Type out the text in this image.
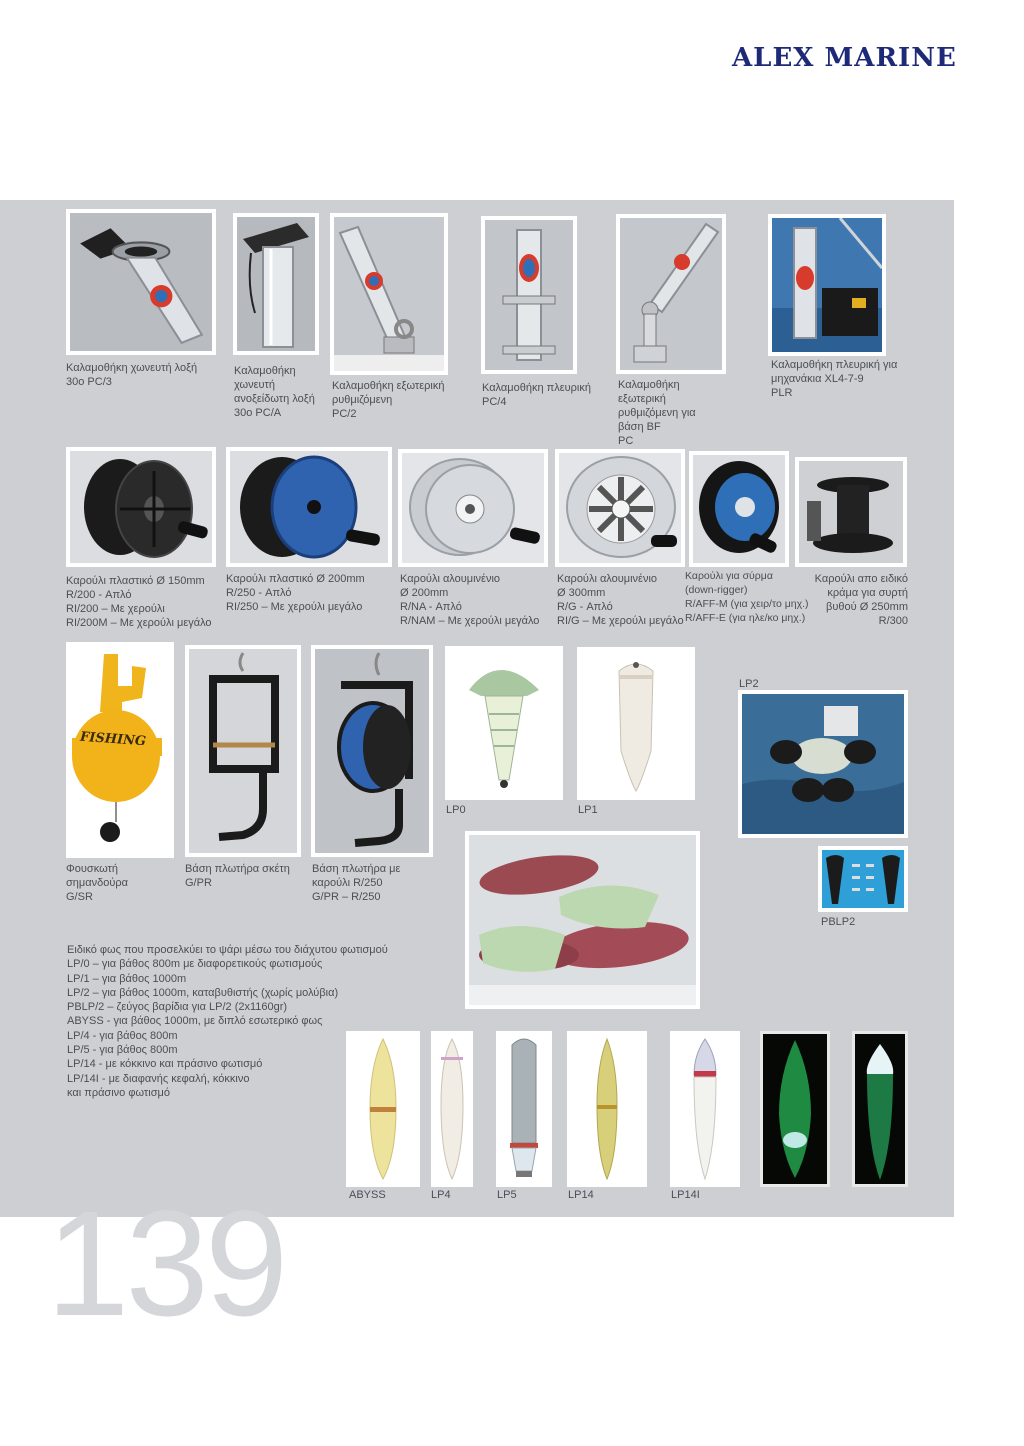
ALEX MARINE
139
Καλαμοθήκη χωνευτή λοξή
30ο PC/3
Καλαμοθήκη
χωνευτή
ανοξείδωτη λοξή
30ο PC/A
Καλαμοθήκη εξωτερική
ρυθμιζόμενη
PC/2
Καλαμοθήκη πλευρική
PC/4
Καλαμοθήκη
εξωτερική
ρυθμιζόμενη για
βάση BF
PC
Καλαμοθήκη πλευρική για
μηχανάκια XL4-7-9
PLR
Καρούλι πλαστικό Ø 150mm
R/200 - Απλό
RI/200 – Με χερούλι
RI/200M – Με χερούλι μεγάλο
Καρούλι πλαστικό Ø 200mm
R/250 - Απλό
RI/250 – Με χερούλι μεγάλο
Καρούλι αλουμινένιο
Ø 200mm
R/NA - Απλό
R/NAM – Με χερούλι μεγάλο
Καρούλι αλουμινένιο
Ø 300mm
R/G - Απλό
RI/G – Με χερούλι μεγάλο
Καρούλι για σύρμα
(down-rigger)
R/AFF-M (για χειρ/το μηχ.)
R/AFF-E (για ηλε/κο μηχ.)
Καρούλι απο ειδικό
κράμα για συρτή
βυθού Ø 250mm
R/300
FISHING
Φουσκωτή
σημανδούρα
G/SR
Βάση πλωτήρα σκέτη
G/PR
Βάση πλωτήρα με
καρούλι R/250
G/PR – R/250
LP0	LP1
LP2
PBLP2
Ειδικό φως που προσελκύει το ψάρι μέσω του διάχυτου φωτισμού
LP/0 – για βάθος 800m με διαφορετικούς φωτισμούς
LP/1 – για βάθος 1000m
LP/2 – για βάθος 1000m, καταβυθιστής (χωρίς μολύβια)
PBLP/2 – ζεύγος βαρίδια για LP/2 (2x1160gr)
ABYSS - για βάθος 1000m, με διπλό εσωτερικό φως
LP/4 - για βάθος 800m
LP/5 - για βάθος 800m
LP/14 - με κόκκινο και πράσινο φωτισμό
LP/14I - με διαφανής κεφαλή, κόκκινο
και πράσινο φωτισμό
ABYSS	LP4	LP5	LP14	LP14I
